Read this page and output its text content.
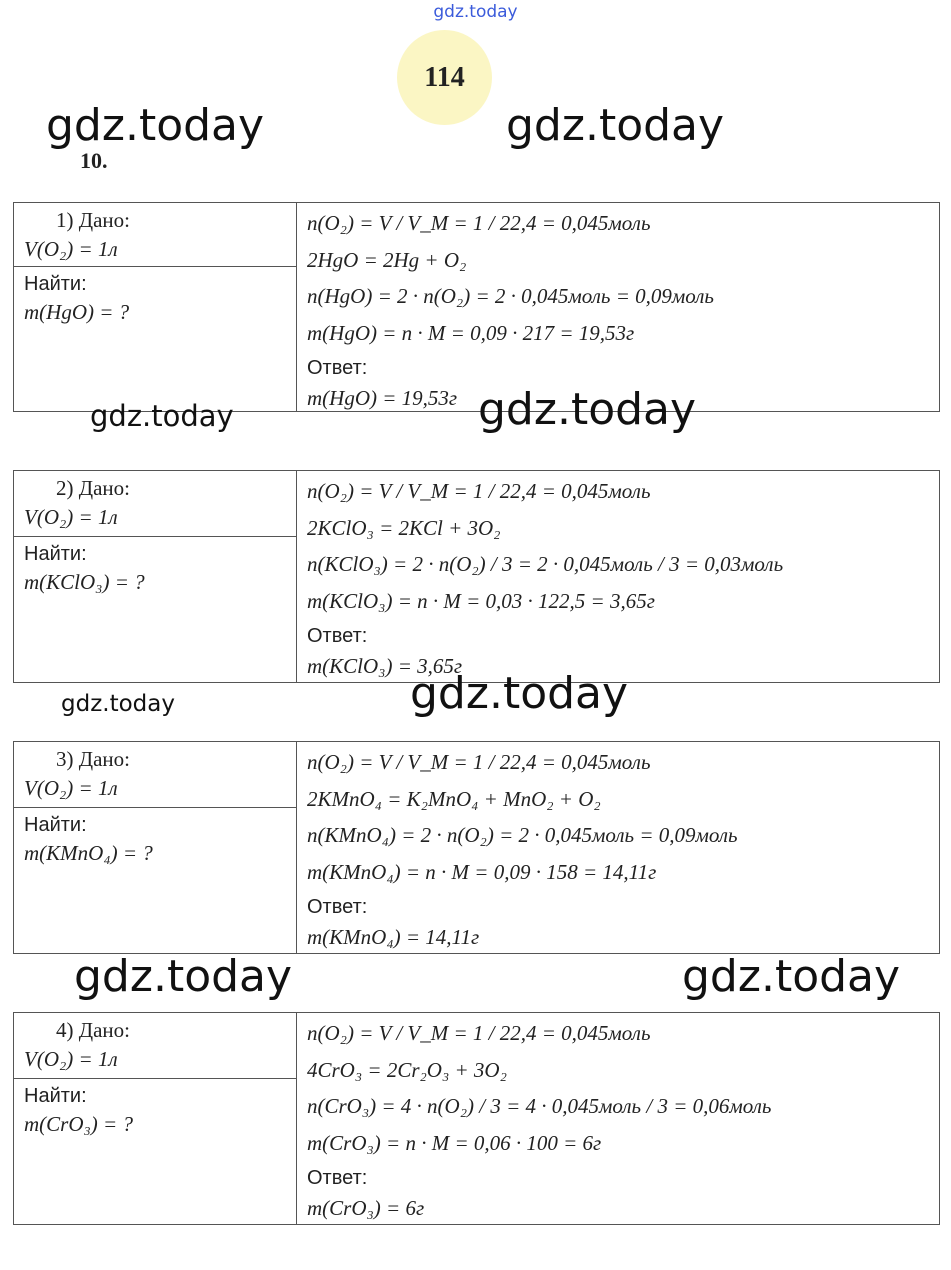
gdz.today
114
gdz.today	gdz.today
10.
1) Дано:
V(O₂) = 1л
Найти:
m(HgO) = ?
n(O₂) = V / V_M = 1 / 22,4 = 0,045моль
2HgO = 2Hg + O₂
n(HgO) = 2 · n(O₂) = 2 · 0,045моль = 0,09моль
m(HgO) = n · M = 0,09 · 217 = 19,53г
Ответ:
m(HgO) = 19,53г
gdz.today	gdz.today
2) Дано:
V(O₂) = 1л
Найти:
m(KClO₃) = ?
n(O₂) = V / V_M = 1 / 22,4 = 0,045моль
2KClO₃ = 2KCl + 3O₂
n(KClO₃) = 2 · n(O₂) / 3 = 2 · 0,045моль / 3 = 0,03моль
m(KClO₃) = n · M = 0,03 · 122,5 = 3,65г
Ответ:
m(KClO₃) = 3,65г
gdz.today	gdz.today
3) Дано:
V(O₂) = 1л
Найти:
m(KMnO₄) = ?
n(O₂) = V / V_M = 1 / 22,4 = 0,045моль
2KMnO₄ = K₂MnO₄ + MnO₂ + O₂
n(KMnO₄) = 2 · n(O₂) = 2 · 0,045моль = 0,09моль
m(KMnO₄) = n · M = 0,09 · 158 = 14,11г
Ответ:
m(KMnO₄) = 14,11г
gdz.today	gdz.today
4) Дано:
V(O₂) = 1л
Найти:
m(CrO₃) = ?
n(O₂) = V / V_M = 1 / 22,4 = 0,045моль
4CrO₃ = 2Cr₂O₃ + 3O₂
n(CrO₃) = 4 · n(O₂) / 3 = 4 · 0,045моль / 3 = 0,06моль
m(CrO₃) = n · M = 0,06 · 100 = 6г
Ответ:
m(CrO₃) = 6г
